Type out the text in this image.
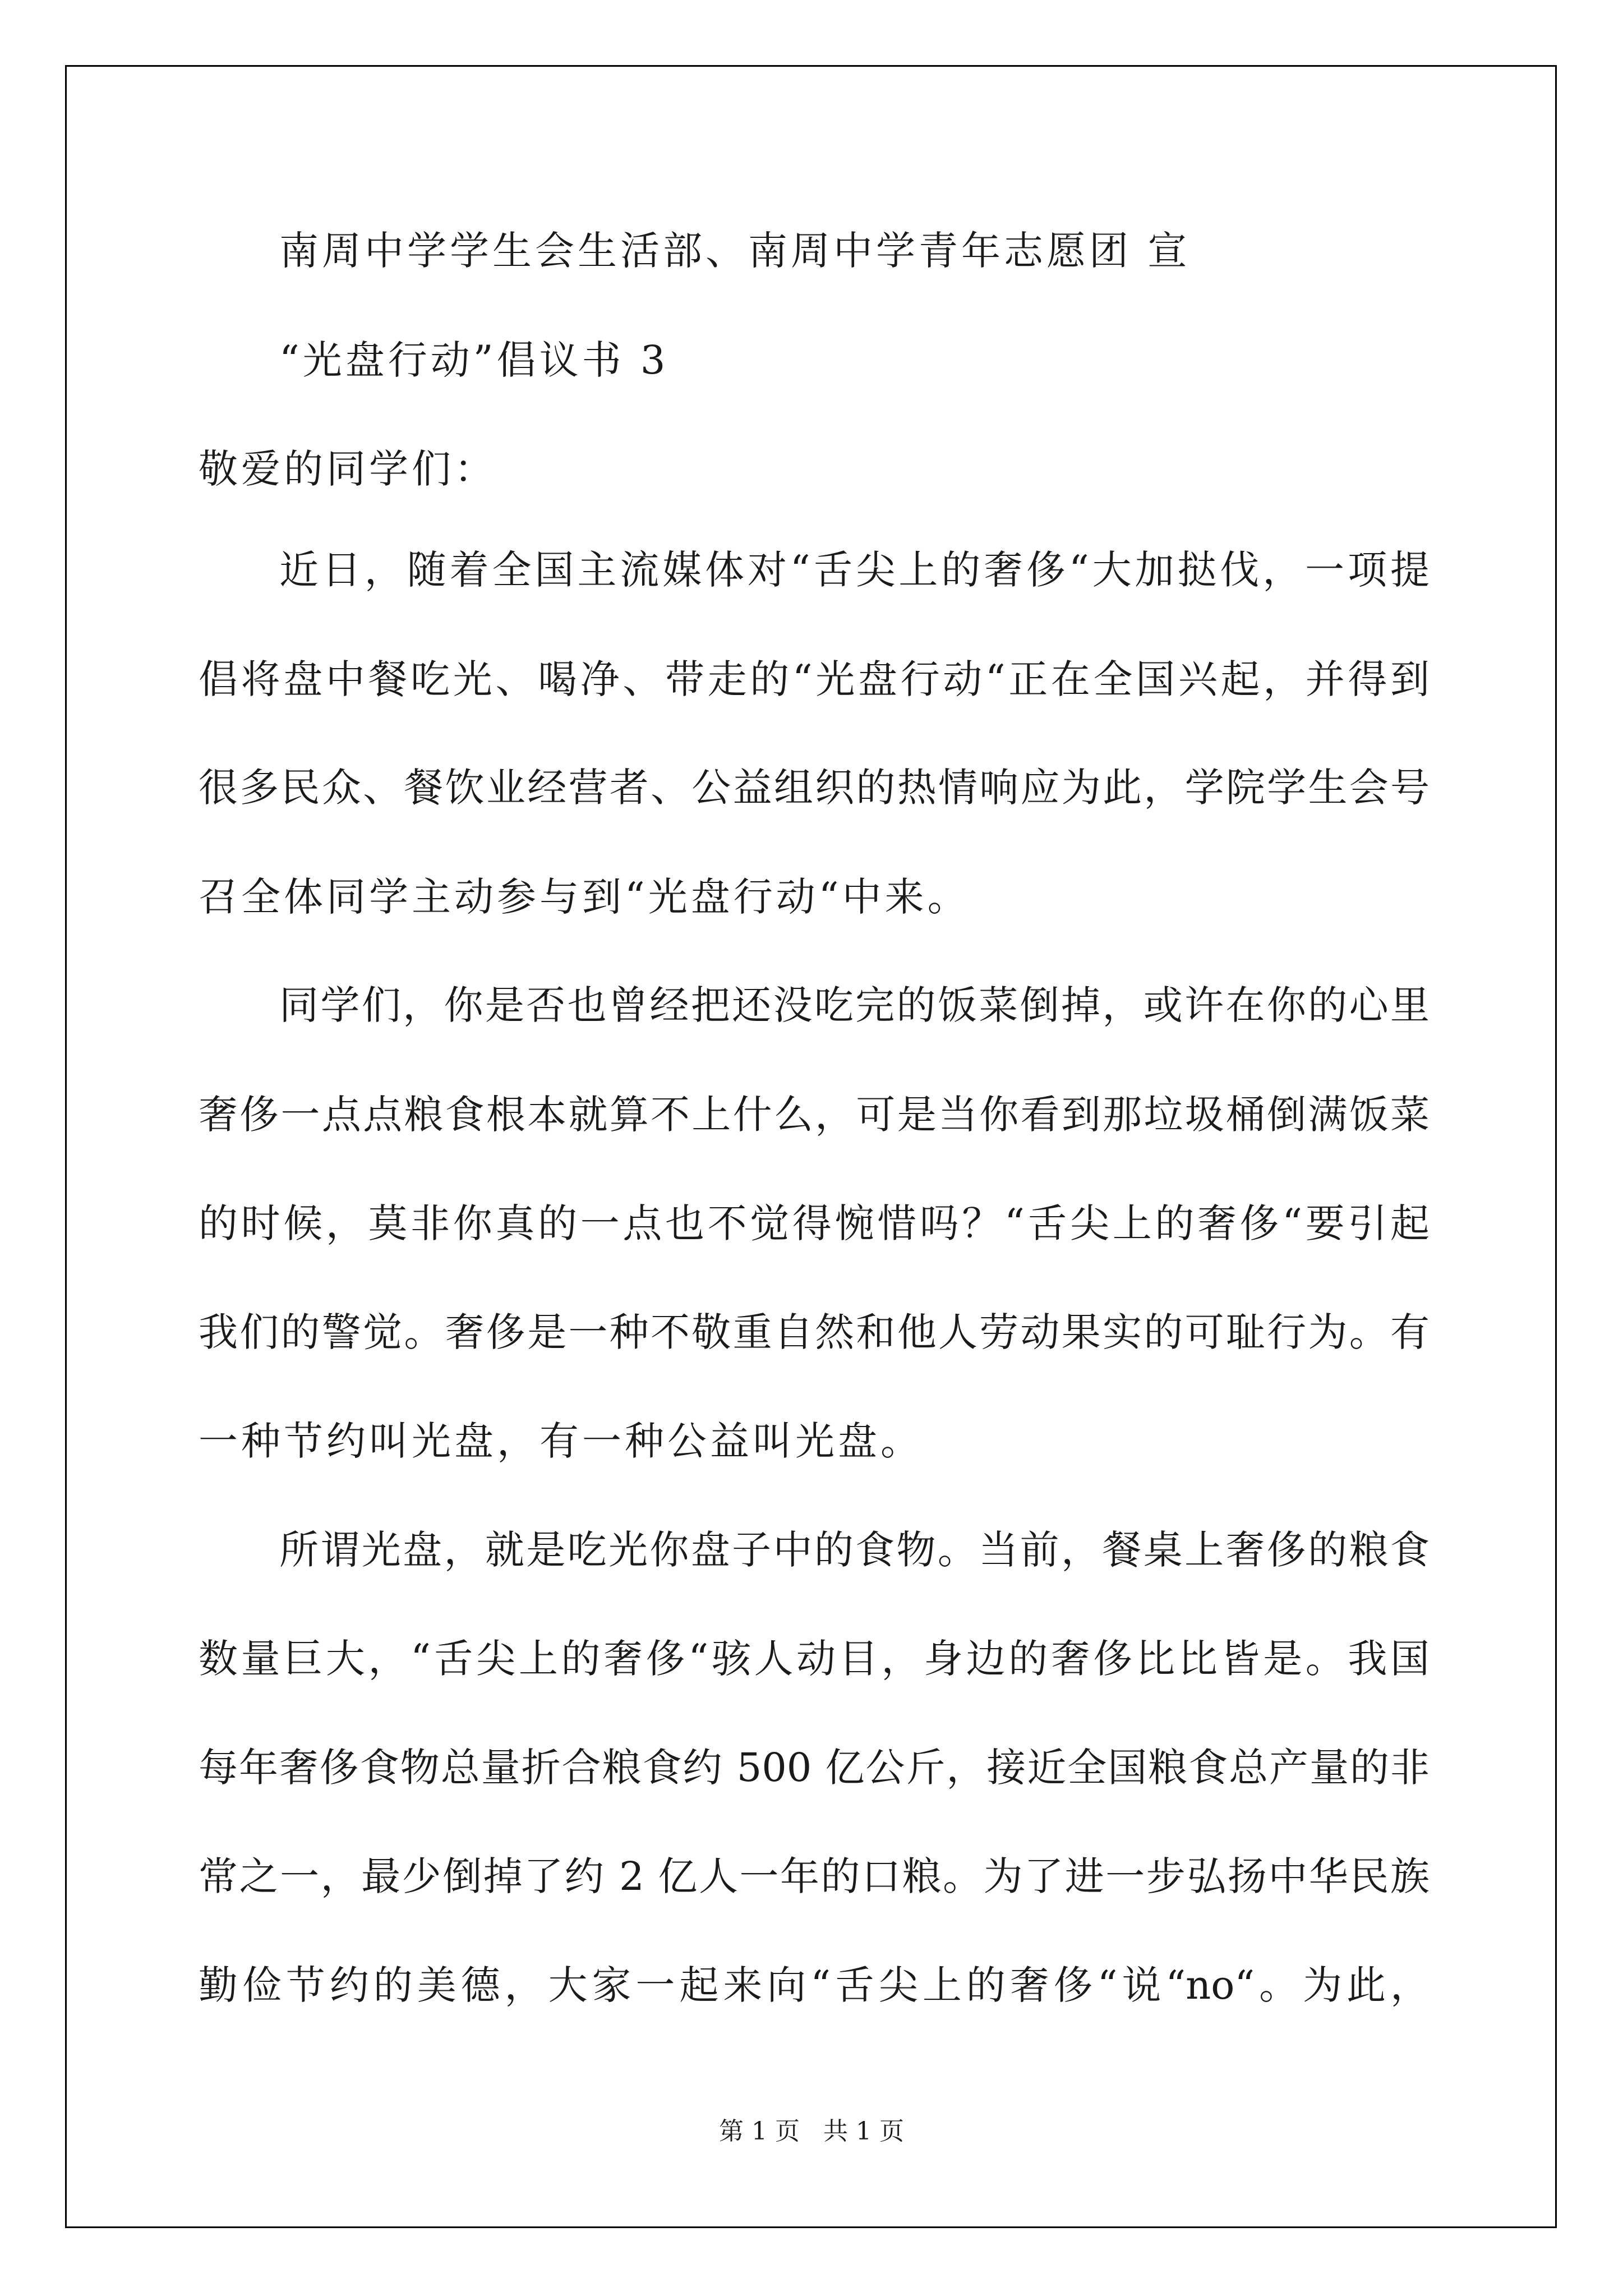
南周中学学生会生活部、南周中学青年志愿团 宣
“光盘行动”倡议书 3
敬爱的同学们：
近日，随着全国主流媒体对“舌尖上的奢侈“大加挞伐，一项提
倡将盘中餐吃光、喝净、带走的“光盘行动“正在全国兴起，并得到
很多民众、餐饮业经营者、公益组织的热情响应为此，学院学生会号
召全体同学主动参与到“光盘行动“中来。
同学们，你是否也曾经把还没吃完的饭菜倒掉，或许在你的心里
奢侈一点点粮食根本就算不上什么，可是当你看到那垃圾桶倒满饭菜
的时候，莫非你真的一点也不觉得惋惜吗？“舌尖上的奢侈“要引起
我们的警觉。奢侈是一种不敬重自然和他人劳动果实的可耻行为。有
一种节约叫光盘，有一种公益叫光盘。
所谓光盘，就是吃光你盘子中的食物。当前，餐桌上奢侈的粮食
数量巨大，“舌尖上的奢侈“骇人动目，身边的奢侈比比皆是。我国
每年奢侈食物总量折合粮食约 500 亿公斤，接近全国粮食总产量的非
常之一，最少倒掉了约 2 亿人一年的口粮。为了进一步弘扬中华民族
勤俭节约的美德，大家一起来向“舌尖上的奢侈“说“no“。为此，
第 1 页   共 1 页
